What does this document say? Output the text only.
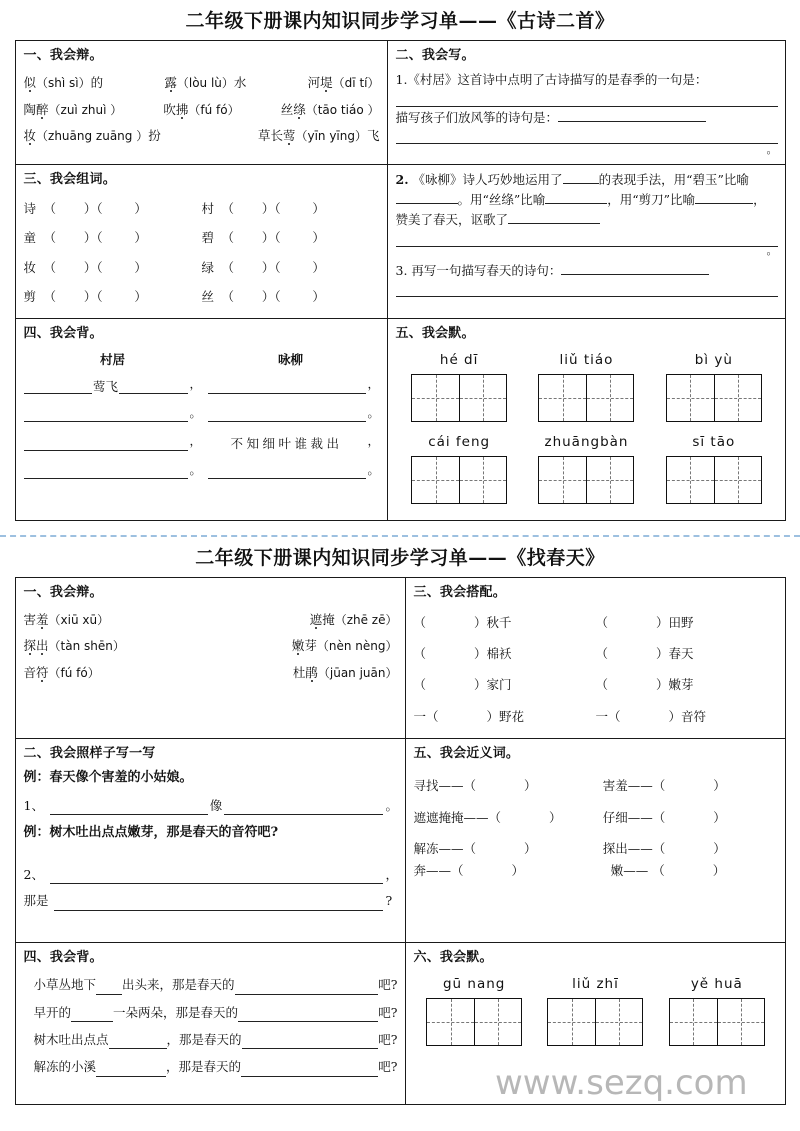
二年级下册课内知识同步学习单——《古诗二首》
一、我会辩。
似（shì sì）的	露（lòu lù）水	河堤（dī tí）
陶醉（zuì zhuì ）	吹拂（fú fó）	丝绦（tāo tiáo ）
妆（zhuāng zuāng ）扮	草长莺（yīn yīng）飞

二、我会写。
1.《村居》这首诗中点明了古诗描写的是春季的一句是：
描写孩子们放风筝的诗句是：
。

三、我会组词。
诗	（       ）（        ）	村	（       ）（        ）
童	（       ）（        ）	碧	（       ）（        ）
妆	（       ）（        ）	绿	（       ）（        ）
剪	（       ）（        ）	丝	（       ）（        ）

2. 《咏柳》诗人巧妙地运用了	的表现手法，用“碧玉”比喻。用“丝绦”比喻	，用“剪刀”比喻	，赞美了春天，讴歌了
。
3. 再写一句描写春天的诗句：

四、我会背。
村居	咏柳

莺飞	，	，

。	。

，	不知细叶谁裁出	，

。	。

五、我会默。
hé dī	liǔ tiáo	bì yù
cái feng	zhuāngbàn	sī tāo
二年级下册课内知识同步学习单——《找春天》
一、我会辩。
害羞（xiū xū）	遮掩（zhē zē）
探出（tàn shēn）	嫩芽（nèn nèng）
音符（fú fó）	杜鹃（jūan juān）

三、我会搭配。
（	）秋千	（	）田野
（	）棉袄	（	）春天
（	）家门	（	）嫩芽
一（	）野花	一（	）音符

二、我会照样子写一写
例：春天像个害羞的小姑娘。
1、	像	。
例：树木吐出点点嫩芽，那是春天的音符吧?
2、	，
那是	?

五、我会近义词。
寻找——（	）	害羞——（	）
遮遮掩掩——（	）	仔细——（	）
解冻——（	）	探出——（	）
奔——（	）	嫩—— （	）

四、我会背。
小草丛地下 出头来，那是春天的	吧?
早开的	一朵两朵，那是春天的	吧?
树木吐出点点	，那是春天的	吧?
解冻的小溪	，那是春天的	吧?

六、我会默。
gū nang	liǔ zhī	yě huā
www.sezq.com
